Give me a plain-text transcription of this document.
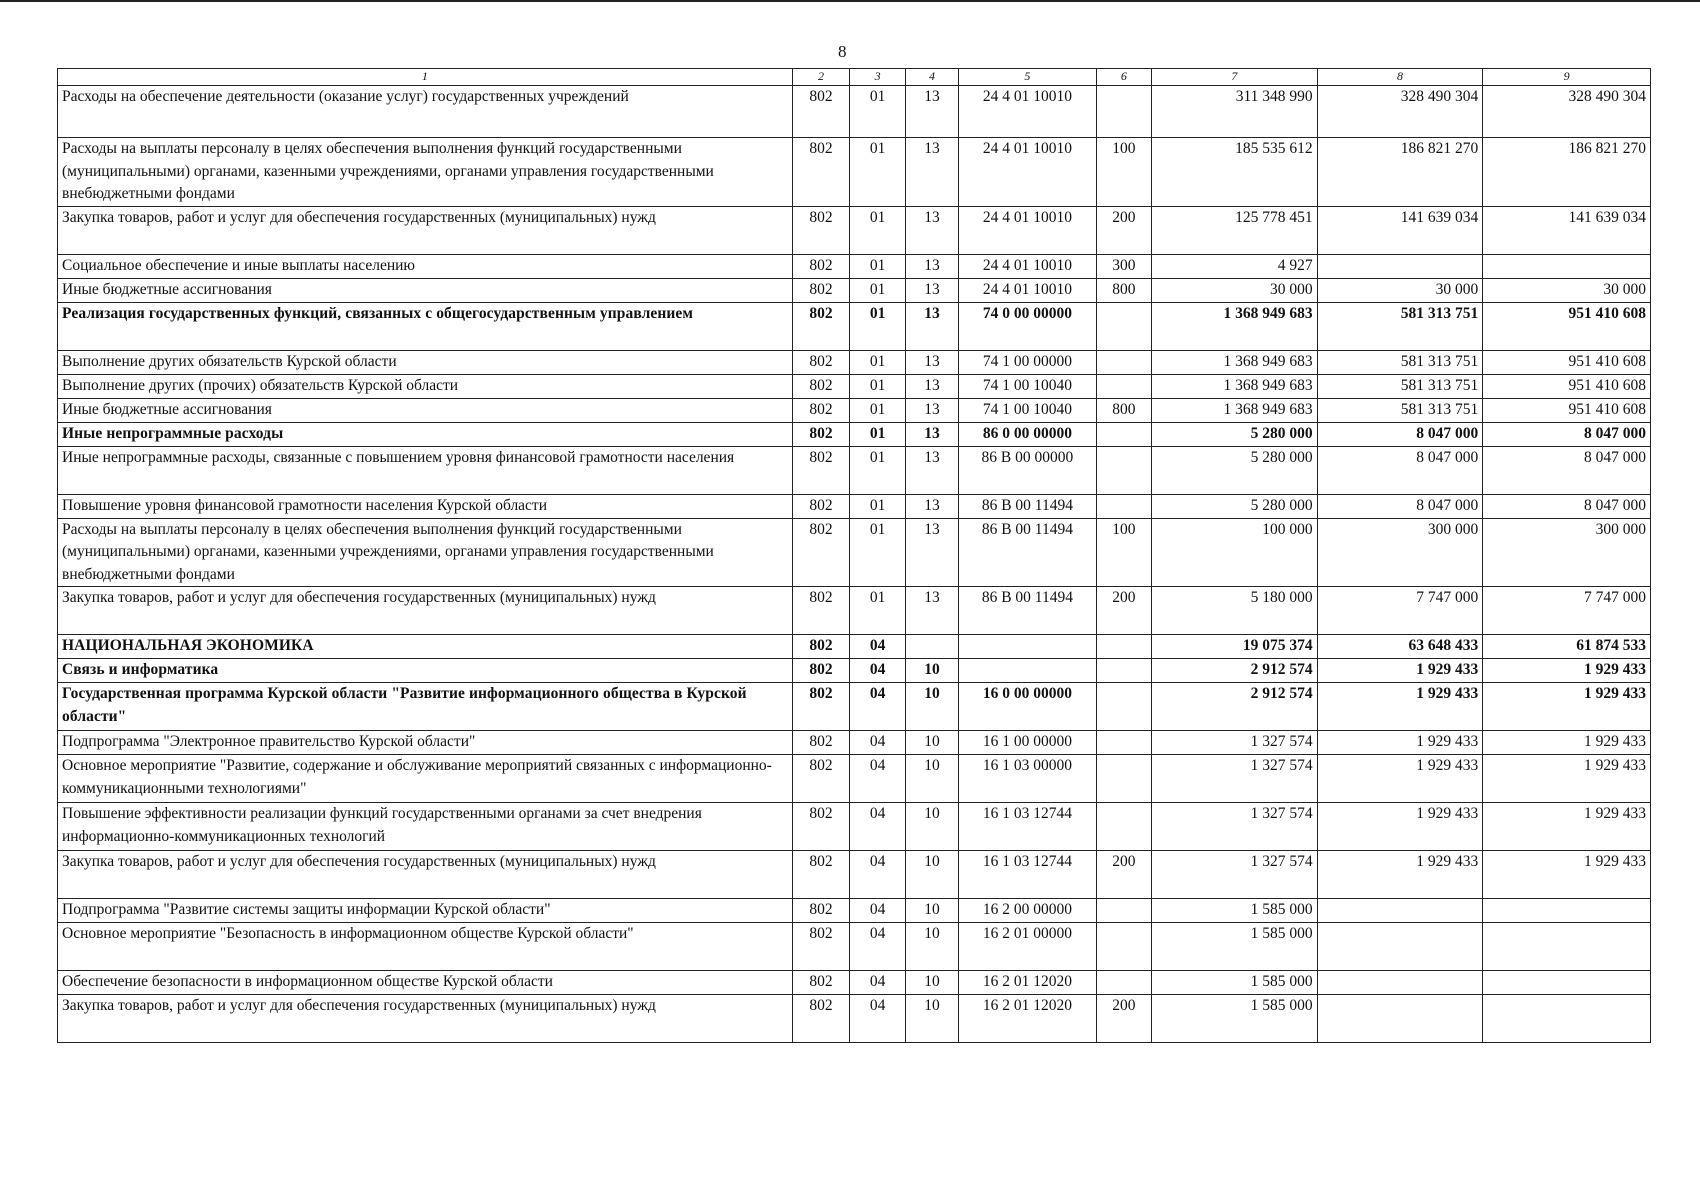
8
1	2	3	4	5	6	7	8	9
Расходы на обеспечение деятельности (оказание услуг) государственных учреждений	802	01	13	24 4 01 10010		311 348 990	328 490 304	328 490 304
Расходы на выплаты персоналу в целях обеспечения выполнения функций государственными (муниципальными) органами, казенными учреждениями, органами управления государственными внебюджетными фондами	802	01	13	24 4 01 10010	100	185 535 612	186 821 270	186 821 270
Закупка товаров, работ и услуг для обеспечения государственных (муниципальных) нужд	802	01	13	24 4 01 10010	200	125 778 451	141 639 034	141 639 034
Социальное обеспечение и иные выплаты населению	802	01	13	24 4 01 10010	300	4 927		
Иные бюджетные ассигнования	802	01	13	24 4 01 10010	800	30 000	30 000	30 000
Реализация государственных функций, связанных с общегосударственным управлением	802	01	13	74 0 00 00000		1 368 949 683	581 313 751	951 410 608
Выполнение других обязательств Курской области	802	01	13	74 1 00 00000		1 368 949 683	581 313 751	951 410 608
Выполнение других (прочих) обязательств Курской области	802	01	13	74 1 00 10040		1 368 949 683	581 313 751	951 410 608
Иные бюджетные ассигнования	802	01	13	74 1 00 10040	800	1 368 949 683	581 313 751	951 410 608
Иные непрограммные расходы	802	01	13	86 0 00 00000		5 280 000	8 047 000	8 047 000
Иные непрограммные расходы, связанные с повышением уровня финансовой грамотности населения	802	01	13	86 В 00 00000		5 280 000	8 047 000	8 047 000
Повышение уровня финансовой грамотности населения Курской области	802	01	13	86 В 00 11494		5 280 000	8 047 000	8 047 000
Расходы на выплаты персоналу в целях обеспечения выполнения функций государственными (муниципальными) органами, казенными учреждениями, органами управления государственными внебюджетными фондами	802	01	13	86 В 00 11494	100	100 000	300 000	300 000
Закупка товаров, работ и услуг для обеспечения государственных (муниципальных) нужд	802	01	13	86 В 00 11494	200	5 180 000	7 747 000	7 747 000
НАЦИОНАЛЬНАЯ ЭКОНОМИКА	802	04				19 075 374	63 648 433	61 874 533
Связь и информатика	802	04	10			2 912 574	1 929 433	1 929 433
Государственная программа Курской области "Развитие информационного общества в Курской области"	802	04	10	16 0 00 00000		2 912 574	1 929 433	1 929 433
Подпрограмма "Электронное правительство Курской области"	802	04	10	16 1 00 00000		1 327 574	1 929 433	1 929 433
Основное мероприятие "Развитие, содержание и обслуживание мероприятий связанных с информационно-коммуникационными технологиями"	802	04	10	16 1 03 00000		1 327 574	1 929 433	1 929 433
Повышение эффективности реализации функций государственными органами за счет внедрения информационно-коммуникационных технологий	802	04	10	16 1 03 12744		1 327 574	1 929 433	1 929 433
Закупка товаров, работ и услуг для обеспечения государственных (муниципальных) нужд	802	04	10	16 1 03 12744	200	1 327 574	1 929 433	1 929 433
Подпрограмма "Развитие системы защиты информации Курской области"	802	04	10	16 2 00 00000		1 585 000		
Основное мероприятие "Безопасность в информационном обществе Курской области"	802	04	10	16 2 01 00000		1 585 000		
Обеспечение безопасности в информационном обществе Курской области	802	04	10	16 2 01 12020		1 585 000		
Закупка товаров, работ и услуг для обеспечения государственных (муниципальных) нужд	802	04	10	16 2 01 12020	200	1 585 000		
